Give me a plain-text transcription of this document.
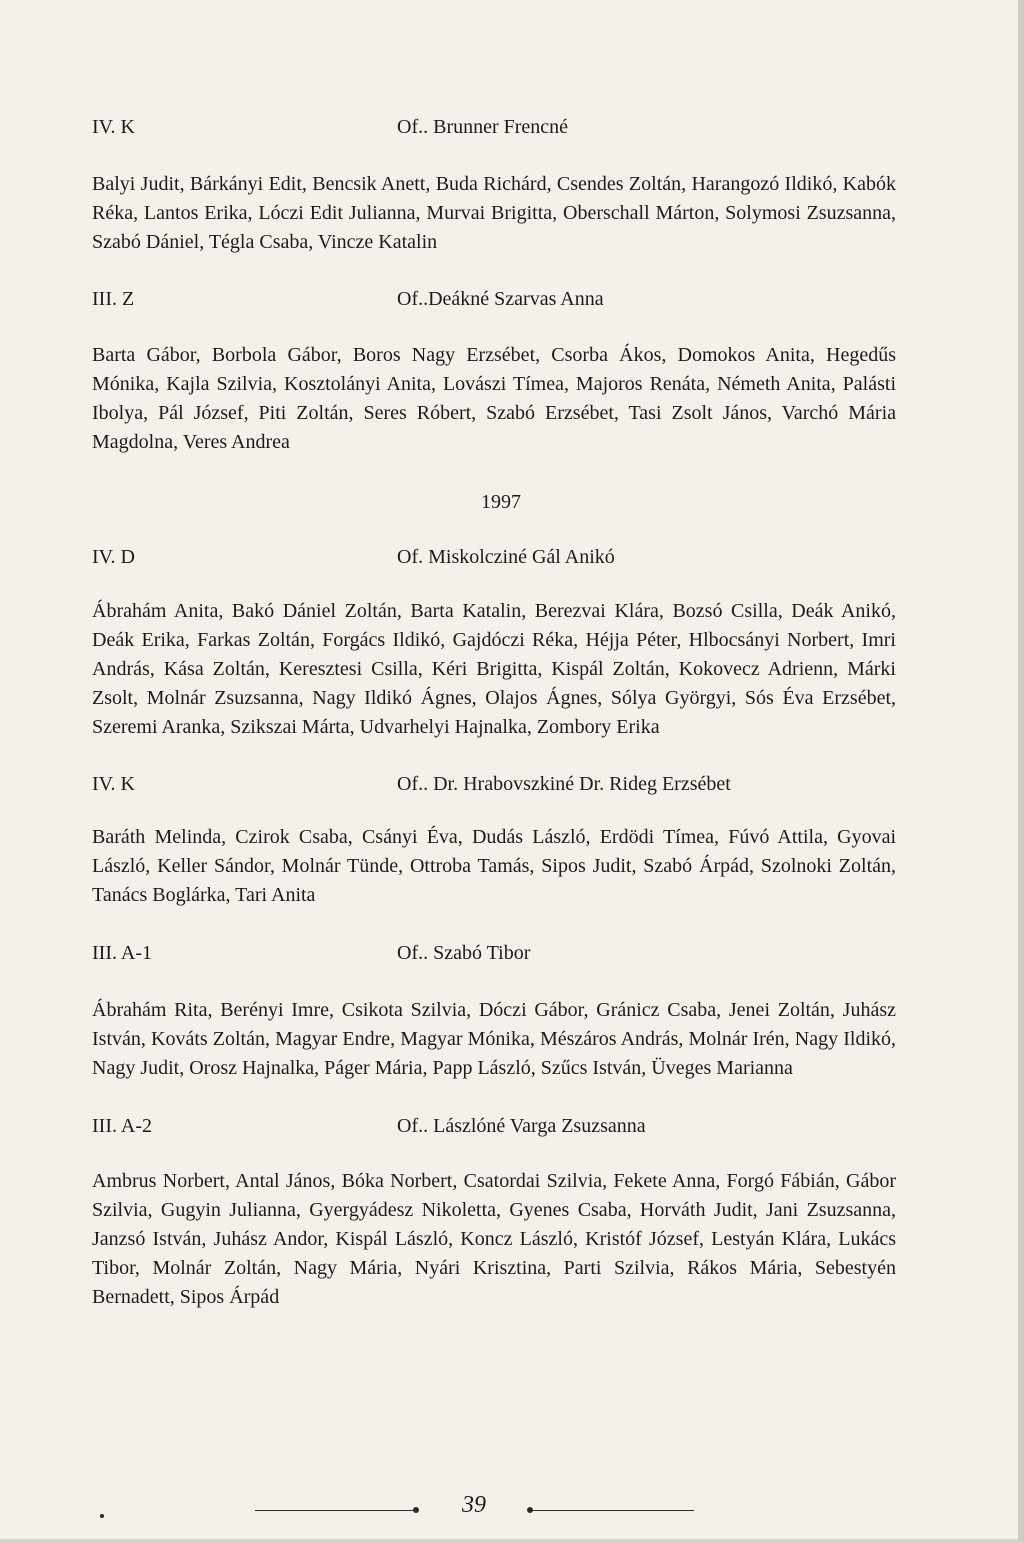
IV. K	Of.. Brunner Frencné

Balyi Judit, Bárkányi Edit, Bencsik Anett, Buda Richárd, Csendes Zoltán, Harangozó Ildikó, Kabók Réka, Lantos Erika, Lóczi Edit Julianna, Murvai Brigitta, Oberschall Márton, Solymosi Zsuzsanna, Szabó Dániel, Tégla Csaba, Vincze Katalin

III. Z	Of..Deákné Szarvas Anna

Barta Gábor, Borbola Gábor, Boros Nagy Erzsébet, Csorba Ákos, Domokos Anita, Hegedűs Mónika, Kajla Szilvia, Kosztolányi Anita, Lovászi Tímea, Majoros Renáta, Németh Anita, Palásti Ibolya, Pál József, Piti Zoltán, Seres Róbert, Szabó Erzsébet, Tasi Zsolt János, Varchó Mária Magdolna, Veres Andrea

1997
IV. D	Of. Miskolcziné Gál Anikó

Ábrahám Anita, Bakó Dániel Zoltán, Barta Katalin, Berezvai Klára, Bozsó Csilla, Deák Anikó, Deák Erika, Farkas Zoltán, Forgács Ildikó, Gajdóczi Réka, Héjja Péter, Hlbocsányi Norbert, Imri András, Kása Zoltán, Keresztesi Csilla, Kéri Brigitta, Kispál Zoltán, Kokovecz Adrienn, Márki Zsolt, Molnár Zsuzsanna, Nagy Ildikó Ágnes, Olajos Ágnes, Sólya Györgyi, Sós Éva Erzsébet, Szeremi Aranka, Szikszai Márta, Udvarhelyi Hajnalka, Zombory Erika

IV. K	Of.. Dr. Hrabovszkiné Dr. Rideg Erzsébet

Baráth Melinda, Czirok Csaba, Csányi Éva, Dudás László, Erdödi Tímea, Fúvó Attila, Gyovai László, Keller Sándor, Molnár Tünde, Ottroba Tamás, Sipos Judit, Szabó Árpád, Szolnoki Zoltán, Tanács Boglárka, Tari Anita

III. A-1	Of.. Szabó Tibor

Ábrahám Rita, Berényi Imre, Csikota Szilvia, Dóczi Gábor, Gránicz Csaba, Jenei Zoltán, Juhász István, Kováts Zoltán, Magyar Endre, Magyar Mónika, Mészáros András, Molnár Irén, Nagy Ildikó, Nagy Judit, Orosz Hajnalka, Páger Mária, Papp László, Szűcs István, Üveges Marianna

III. A-2	Of.. Lászlóné Varga Zsuzsanna

Ambrus Norbert, Antal János, Bóka Norbert, Csatordai Szilvia, Fekete Anna, Forgó Fábián, Gábor Szilvia, Gugyin Julianna, Gyergyádesz Nikoletta, Gyenes Csaba, Horváth Judit, Jani Zsuzsanna, Janzsó István, Juhász Andor, Kispál László, Koncz László, Kristóf József, Lestyán Klára, Lukács Tibor, Molnár Zoltán, Nagy Mária, Nyári Krisztina, Parti Szilvia, Rákos Mária, Sebestyén Bernadett, Sipos Árpád

39
